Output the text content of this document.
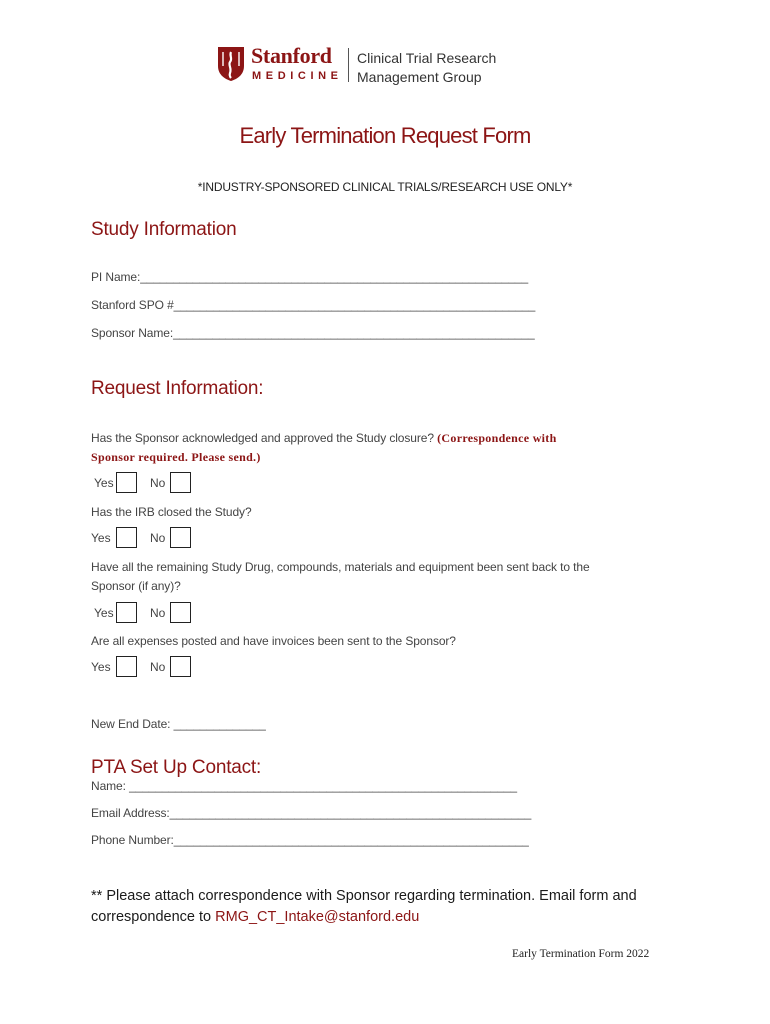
Stanford
MEDICINE
Clinical Trial Research
Management Group
Early Termination Request Form
*INDUSTRY-SPONSORED CLINICAL TRIALS/RESEARCH USE ONLY*
Study Information
PI Name:___________________________________________________________
Stanford SPO #_______________________________________________________
Sponsor Name:_______________________________________________________
Request Information:
Has the Sponsor acknowledged and approved the Study closure? (Correspondence with
Sponsor required. Please send.)
Yes	No
Has the IRB closed the Study?
Yes	No
Have all the remaining Study Drug, compounds, materials and equipment been sent back to the
Sponsor (if any)?
Yes	No
Are all expenses posted and have invoices been sent to the Sponsor?
Yes	No
New End Date: ______________
PTA Set Up Contact:
Name: ___________________________________________________________
Email Address:_______________________________________________________
Phone Number:______________________________________________________
** Please attach correspondence with Sponsor regarding termination. Email form and
correspondence to RMG_CT_Intake@stanford.edu
Early Termination Form 2022
